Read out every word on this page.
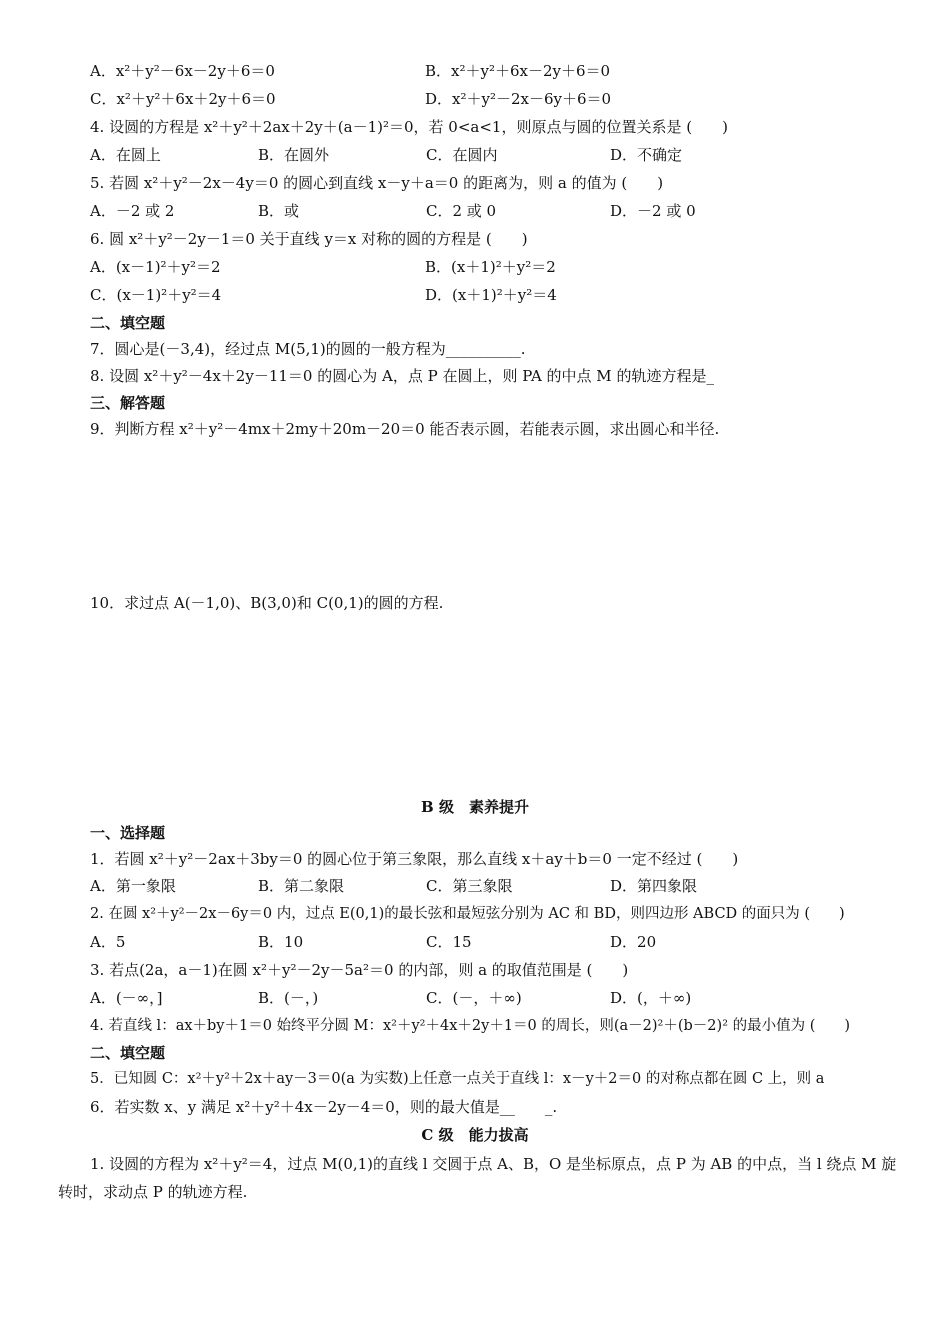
A．x²＋y²－6x－2y＋6＝0	B．x²＋y²＋6x－2y＋6＝0
C．x²＋y²＋6x＋2y＋6＝0	D．x²＋y²－2x－6y＋6＝0
4. 设圆的方程是 x²＋y²＋2ax＋2y＋(a－1)²＝0，若 0<a<1，则原点与圆的位置关系是 (　　)
A．在圆上	B．在圆外	C．在圆内	D．不确定
5. 若圆 x²＋y²－2x－4y＝0 的圆心到直线 x－y＋a＝0 的距离为，则 a 的值为 (　　)
A．－2 或 2	B．或	C．2 或 0	D．－2 或 0
6. 圆 x²＋y²－2y－1＝0 关于直线 y＝x 对称的圆的方程是 (　　)
A．(x－1)²＋y²＝2	B．(x＋1)²＋y²＝2
C．(x－1)²＋y²＝4	D．(x＋1)²＋y²＝4
二、填空题
7．圆心是(－3,4)，经过点 M(5,1)的圆的一般方程为__________.
8. 设圆 x²＋y²－4x＋2y－11＝0 的圆心为 A，点 P 在圆上，则 PA 的中点 M 的轨迹方程是_
三、解答题
9．判断方程 x²＋y²－4mx＋2my＋20m－20＝0 能否表示圆，若能表示圆，求出圆心和半径.
10．求过点 A(－1,0)、B(3,0)和 C(0,1)的圆的方程.
B 级　素养提升
一、选择题
1．若圆 x²＋y²－2ax＋3by＝0 的圆心位于第三象限，那么直线 x＋ay＋b＝0 一定不经过 (　　)
A．第一象限	B．第二象限	C．第三象限	D．第四象限
2. 在圆 x²＋y²－2x－6y＝0 内，过点 E(0,1)的最长弦和最短弦分别为 AC 和 BD，则四边形 ABCD 的面只为 (　　)
A．5	B．10	C．15	D．20
3. 若点(2a，a－1)在圆 x²＋y²－2y－5a²＝0 的内部，则 a 的取值范围是 (　　)
A．(－∞，]	B．(－，)	C．(－，＋∞)	D．(，＋∞)
4. 若直线 l：ax＋by＋1＝0 始终平分圆 M：x²＋y²＋4x＋2y＋1＝0 的周长，则(a－2)²＋(b－2)² 的最小值为 (　　)
二、填空题
5．已知圆 C：x²＋y²＋2x＋ay－3＝0(a 为实数)上任意一点关于直线 l：x－y＋2＝0 的对称点都在圆 C 上，则 a
6．若实数 x、y 满足 x²＋y²＋4x－2y－4＝0，则的最大值是__　　_.
C 级　能力拔高
1. 设圆的方程为 x²＋y²＝4，过点 M(0,1)的直线 l 交圆于点 A、B，O 是坐标原点，点 P 为 AB 的中点，当 l 绕点 M 旋转时，求动点 P 的轨迹方程.
